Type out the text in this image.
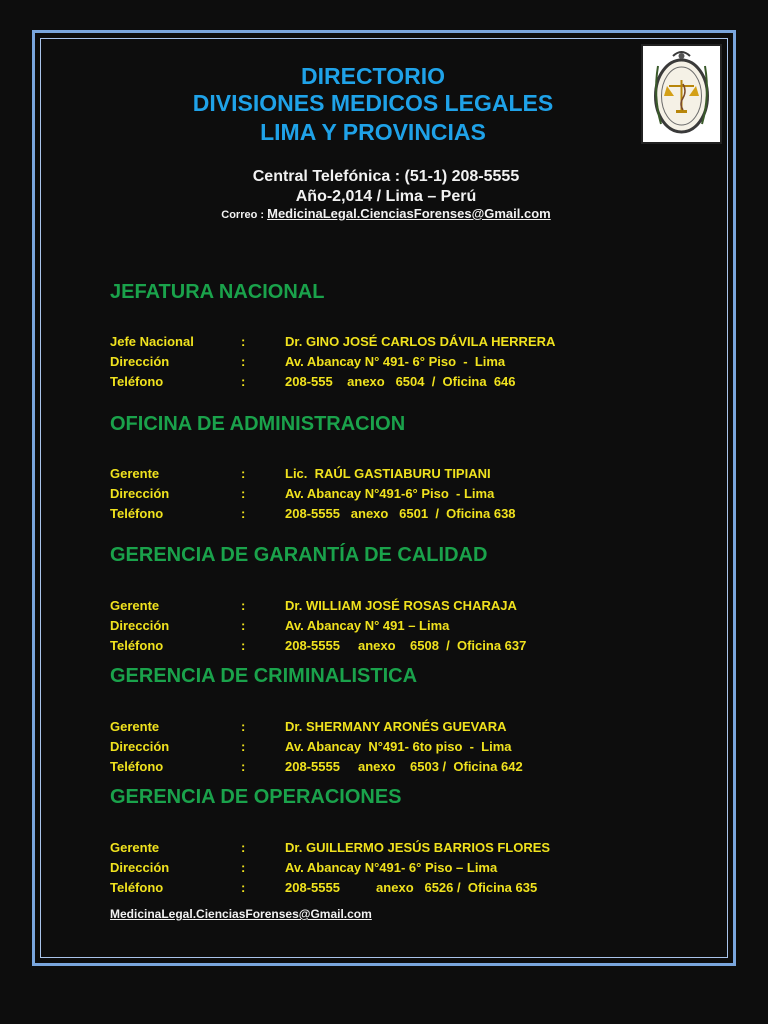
DIRECTORIO
DIVISIONES MEDICOS LEGALES
LIMA Y PROVINCIAS
Central Telefónica : (51-1) 208-5555
Año-2,014 / Lima – Perú
Correo : MedicinaLegal.CienciasForenses@Gmail.com
JEFATURA NACIONAL

Jefe Nacional	:	Dr. GINO JOSÉ CARLOS DÁVILA HERRERA

Dirección	:	Av. Abancay N° 491- 6° Piso  -  Lima

Teléfono	:	208-555    anexo   6504  /  Oficina  646

OFICINA DE ADMINISTRACION

Gerente	:	Lic.  RAÚL GASTIABURU TIPIANI

Dirección	:	Av. Abancay N°491-6° Piso  - Lima

Teléfono	:	208-5555   anexo   6501  /  Oficina 638

GERENCIA DE GARANTÍA DE CALIDAD

Gerente	:	Dr. WILLIAM JOSÉ ROSAS CHARAJA

Dirección	:	Av. Abancay N° 491 – Lima

Teléfono	:	208-5555     anexo    6508  /  Oficina 637

GERENCIA DE CRIMINALISTICA

Gerente	:	Dr. SHERMANY ARONÉS GUEVARA

Dirección	:	Av. Abancay  N°491- 6to piso  -  Lima

Teléfono	:	208-5555     anexo    6503 /  Oficina 642

GERENCIA DE OPERACIONES

Gerente	:	Dr. GUILLERMO JESÚS BARRIOS FLORES

Dirección	:	Av. Abancay N°491- 6° Piso – Lima

Teléfono	:	208-5555          anexo   6526 /  Oficina 635

MedicinaLegal.CienciasForenses@Gmail.com
